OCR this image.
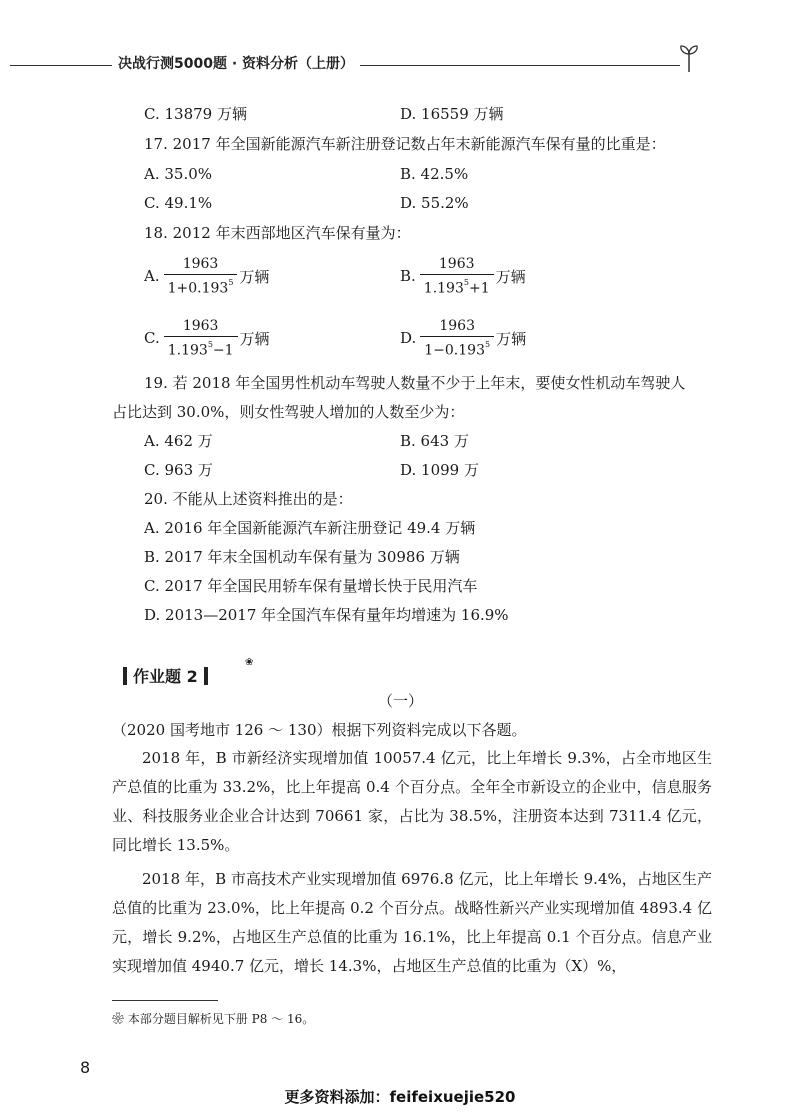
决战行测5000题 · 资料分析（上册）
C. 13879 万辆	D. 16559 万辆
17. 2017 年全国新能源汽车新注册登记数占年末新能源汽车保有量的比重是：
A. 35.0%	B. 42.5%
C. 49.1%	D. 55.2%
18. 2012 年末西部地区汽车保有量为：
A. $\frac{1963}{1+0.193^5}$ 万辆	B. $\frac{1963}{1.193^5+1}$ 万辆
C. $\frac{1963}{1.193^5-1}$ 万辆	D. $\frac{1963}{1-0.193^5}$ 万辆
19. 若 2018 年全国男性机动车驾驶人数量不少于上年末，要使女性机动车驾驶人
占比达到 30.0%，则女性驾驶人增加的人数至少为：
A. 462 万	B. 643 万
C. 963 万	D. 1099 万
20. 不能从上述资料推出的是：
A. 2016 年全国新能源汽车新注册登记 49.4 万辆
B. 2017 年末全国机动车保有量为 30986 万辆
C. 2017 年全国民用轿车保有量增长快于民用汽车
D. 2013—2017 年全国汽车保有量年均增速为 16.9%
作业题 2
❀
（一）
（2020 国考地市 126 ～ 130）根据下列资料完成以下各题。
2018 年，B 市新经济实现增加值 10057.4 亿元，比上年增长 9.3%，占全市地区生产总值的比重为 33.2%，比上年提高 0.4 个百分点。全年全市新设立的企业中，信息服务业、科技服务业企业合计达到 70661 家，占比为 38.5%，注册资本达到 7311.4 亿元，同比增长 13.5%。
2018 年，B 市高技术产业实现增加值 6976.8 亿元，比上年增长 9.4%，占地区生产总值的比重为 23.0%，比上年提高 0.2 个百分点。战略性新兴产业实现增加值 4893.4 亿元，增长 9.2%，占地区生产总值的比重为 16.1%，比上年提高 0.1 个百分点。信息产业实现增加值 4940.7 亿元，增长 14.3%，占地区生产总值的比重为（X）%，
❀ 本部分题目解析见下册 P8 ～ 16。
8
更多资料添加：feifeixuejie520
